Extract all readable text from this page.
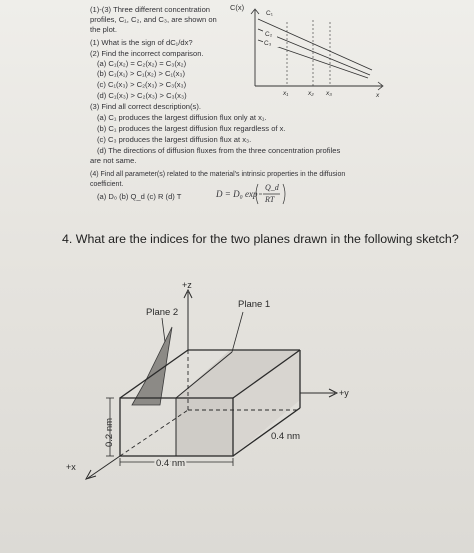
(1)-(3) Three different concentration
profiles, C₁, C₂, and C₃, are shown on
the plot.
(1) What is the sign of dC₁/dx?
(2) Find the incorrect comparison.
(a) C₁(x₂) = C₂(x₂) = C₃(x₂)
(b) C₁(x₁) > C₁(x₂) > C₁(x₃)
(c) C₁(x₃) > C₂(x₃) > C₃(x₃)
(d) C₁(x₃) > C₂(x₃) > C₃(x₃)
(3) Find all correct description(s).
(a) C₁ produces the largest diffusion flux only at x₁.
(b) C₁ produces the largest diffusion flux regardless of x.
(c) C₃ produces the largest diffusion flux at x₃.
(d) The directions of diffusion fluxes from the three concentration profiles
are not same.
(4) Find all parameter(s) related to the material's intrinsic properties in the diffusion
coefficient.
(a) D₀ (b) Q_d (c) R (d) T	D = D₀ exp
Q_d
RT
4. What are the indices for the two planes drawn in the following sketch?
C(x)
C₁
C₂
C₃
x₁	x₂ x₃	x
+z
+y
+x
Plane 1
Plane 2
0.4 nm
0.4 nm
0.2 nm
